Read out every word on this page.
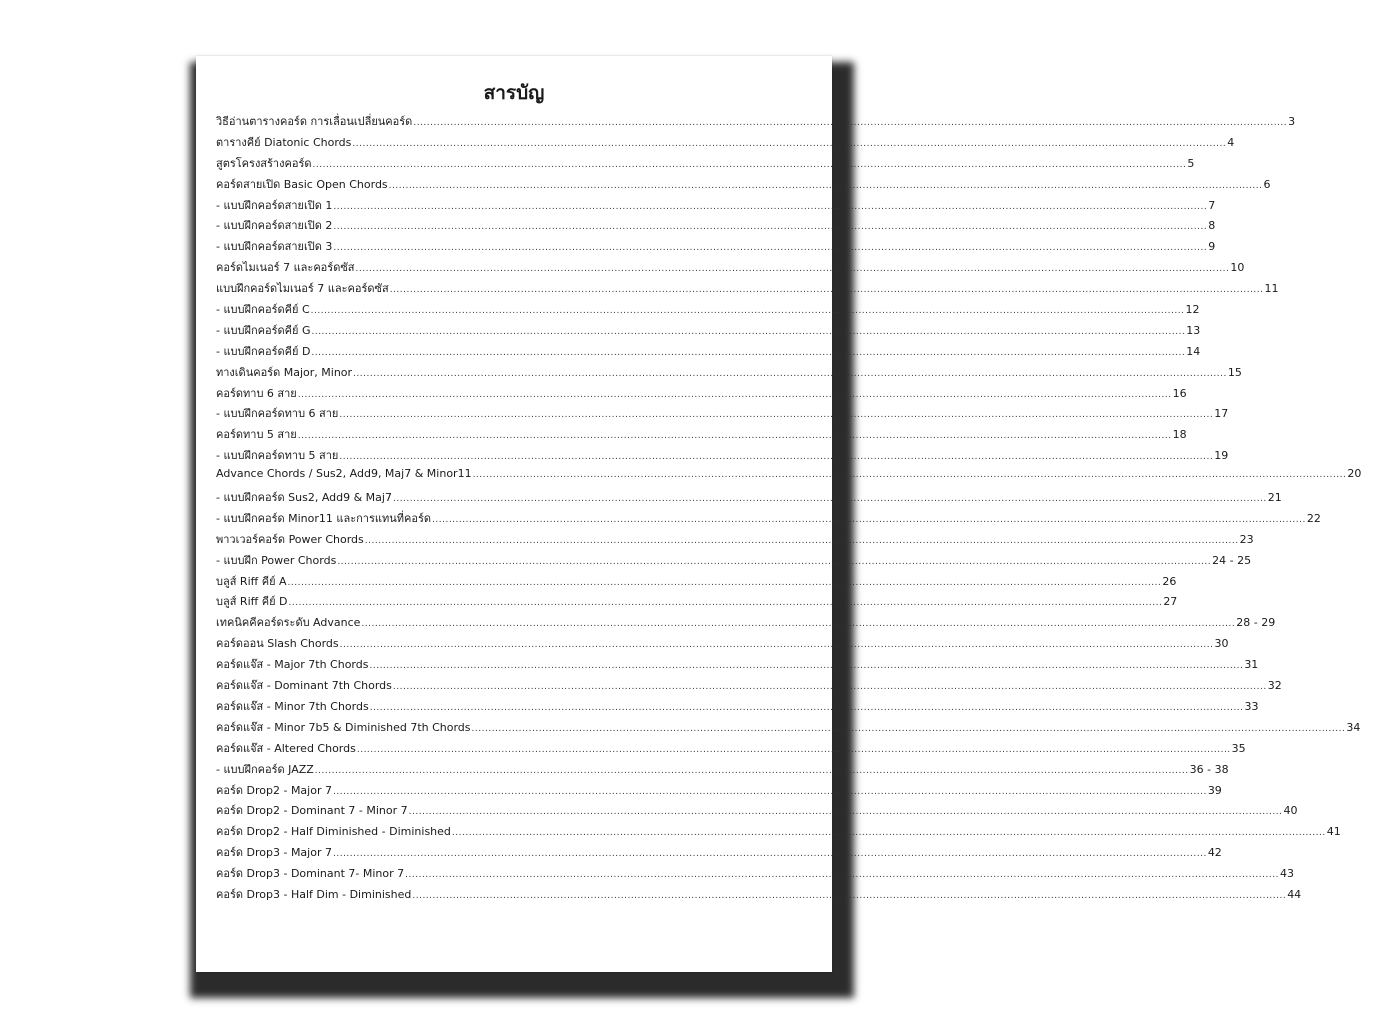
สารบัญ
วิธีอ่านตารางคอร์ด การเลื่อนเปลี่ยนคอร์ด .................................................................................................................................................................................................................................................................... 3
ตารางคีย์ Diatonic Chords .................................................................................................................................................................................................................................................................... 4
สูตรโครงสร้างคอร์ด .................................................................................................................................................................................................................................................................... 5
คอร์ดสายเปิด Basic Open Chords .................................................................................................................................................................................................................................................................... 6
- แบบฝึกคอร์ดสายเปิด 1 .................................................................................................................................................................................................................................................................... 7
- แบบฝึกคอร์ดสายเปิด 2 .................................................................................................................................................................................................................................................................... 8
- แบบฝึกคอร์ดสายเปิด 3 .................................................................................................................................................................................................................................................................... 9
คอร์ดไมเนอร์ 7 และคอร์ดซัส .................................................................................................................................................................................................................................................................... 10
แบบฝึกคอร์ดไมเนอร์ 7 และคอร์ดซัส .................................................................................................................................................................................................................................................................... 11
- แบบฝึกคอร์ดคีย์ C .................................................................................................................................................................................................................................................................... 12
- แบบฝึกคอร์ดคีย์ G .................................................................................................................................................................................................................................................................... 13
- แบบฝึกคอร์ดคีย์ D .................................................................................................................................................................................................................................................................... 14
ทางเดินคอร์ด Major, Minor .................................................................................................................................................................................................................................................................... 15
คอร์ดทาบ 6 สาย .................................................................................................................................................................................................................................................................... 16
- แบบฝึกคอร์ดทาบ 6 สาย .................................................................................................................................................................................................................................................................... 17
คอร์ดทาบ 5 สาย .................................................................................................................................................................................................................................................................... 18
- แบบฝึกคอร์ดทาบ 5 สาย .................................................................................................................................................................................................................................................................... 19
Advance Chords / Sus2, Add9, Maj7 & Minor11 .................................................................................................................................................................................................................................................................... 20
- แบบฝึกคอร์ด Sus2, Add9 & Maj7 .................................................................................................................................................................................................................................................................... 21
- แบบฝึกคอร์ด Minor11 และการแทนที่คอร์ด .................................................................................................................................................................................................................................................................... 22
พาวเวอร์คอร์ด Power Chords .................................................................................................................................................................................................................................................................... 23
- แบบฝึก Power Chords .................................................................................................................................................................................................................................................................... 24 - 25
บลูส์ Riff คีย์ A .................................................................................................................................................................................................................................................................... 26
บลูส์ Riff คีย์ D .................................................................................................................................................................................................................................................................... 27
เทคนิคคีคอร์ดระดับ Advance .................................................................................................................................................................................................................................................................... 28 - 29
คอร์ดออน Slash Chords .................................................................................................................................................................................................................................................................... 30
คอร์ดแจ๊ส - Major 7th Chords .................................................................................................................................................................................................................................................................... 31
คอร์ดแจ๊ส - Dominant 7th Chords .................................................................................................................................................................................................................................................................... 32
คอร์ดแจ๊ส - Minor 7th Chords .................................................................................................................................................................................................................................................................... 33
คอร์ดแจ๊ส - Minor 7b5 & Diminished 7th Chords .................................................................................................................................................................................................................................................................... 34
คอร์ดแจ๊ส - Altered Chords .................................................................................................................................................................................................................................................................... 35
- แบบฝึกคอร์ด JAZZ .................................................................................................................................................................................................................................................................... 36 - 38
คอร์ด Drop2 - Major 7 .................................................................................................................................................................................................................................................................... 39
คอร์ด Drop2 - Dominant 7 - Minor 7 .................................................................................................................................................................................................................................................................... 40
คอร์ด Drop2 - Half Diminished - Diminished .................................................................................................................................................................................................................................................................... 41
คอร์ด Drop3 - Major 7 .................................................................................................................................................................................................................................................................... 42
คอร์ด Drop3 - Dominant 7- Minor 7 .................................................................................................................................................................................................................................................................... 43
คอร์ด Drop3 - Half Dim - Diminished .................................................................................................................................................................................................................................................................... 44
